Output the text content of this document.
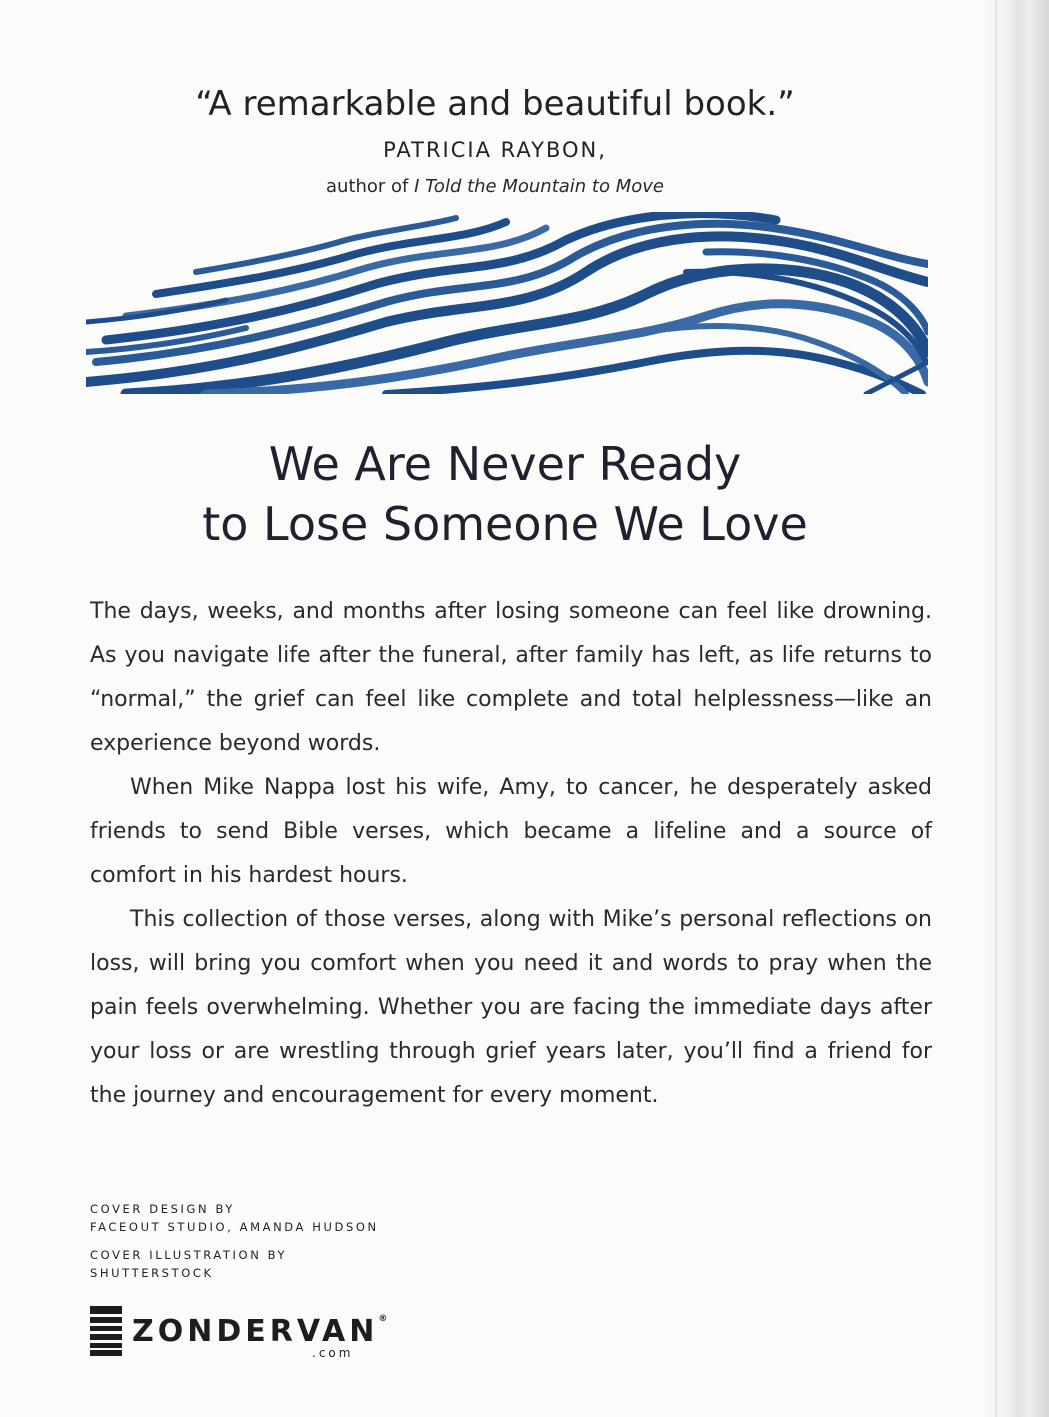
“A remarkable and beautiful book.”
PATRICIA RAYBON,
author of I Told the Mountain to Move
We Are Never Ready
to Lose Someone We Love

The days, weeks, and months after losing someone can feel like drowning. As you navigate life after the funeral, after family has left, as life returns to “normal,” the grief can feel like complete and total helplessness—like an experience beyond words.

When Mike Nappa lost his wife, Amy, to cancer, he desperately asked friends to send Bible verses, which became a lifeline and a source of comfort in his hardest hours.

This collection of those verses, along with Mike’s personal reflections on loss, will bring you comfort when you need it and words to pray when the pain feels overwhelming. Whether you are facing the immediate days after your loss or are wrestling through grief years later, you’ll find a friend for the journey and encouragement for every moment.

COVER DESIGN BY
FACEOUT STUDIO, AMANDA HUDSON
COVER ILLUSTRATION BY
SHUTTERSTOCK
ZONDERVAN®
.com
